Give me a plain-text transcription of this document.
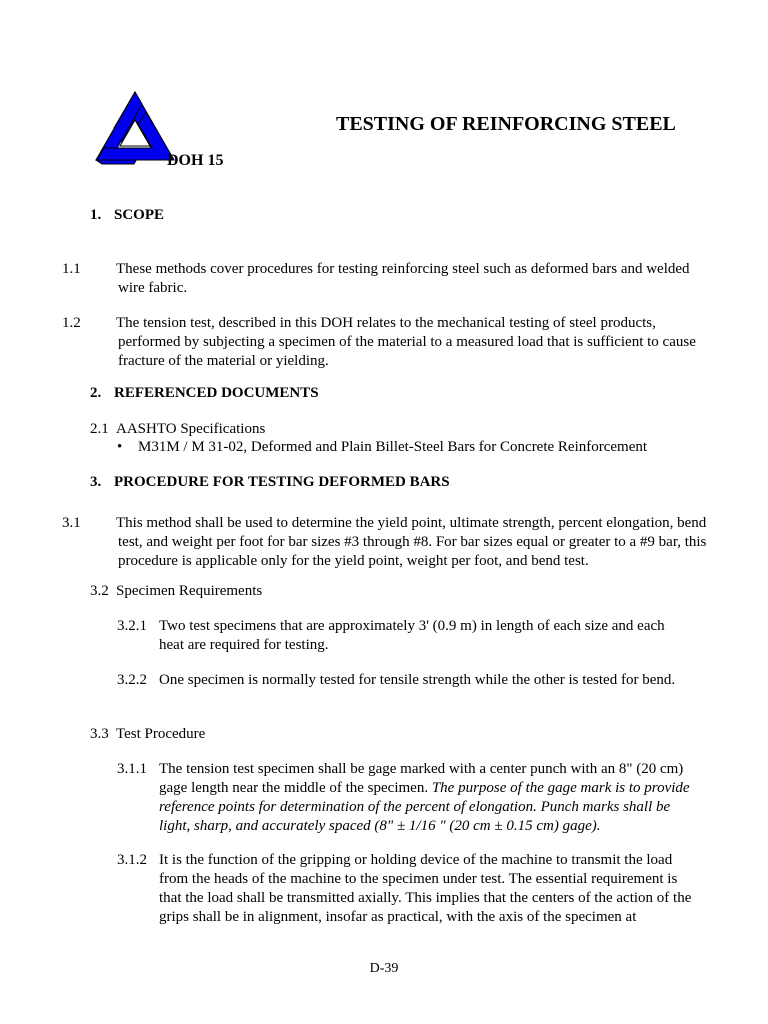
TESTING OF REINFORCING STEEL
DOH 15
1. SCOPE
1.1 These methods cover procedures for testing reinforcing steel such as deformed bars and welded wire fabric.
1.2 The tension test, described in this DOH relates to the mechanical testing of steel products, performed by subjecting a specimen of the material to a measured load that is sufficient to cause fracture of the material or yielding.
2. REFERENCED DOCUMENTS
2.1 AASHTO Specifications
• M31M / M 31-02, Deformed and Plain Billet-Steel Bars for Concrete Reinforcement
3. PROCEDURE FOR TESTING DEFORMED BARS
3.1 This method shall be used to determine the yield point, ultimate strength, percent elongation, bend test, and weight per foot for bar sizes #3 through #8. For bar sizes equal or greater to a #9 bar, this procedure is applicable only for the yield point, weight per foot, and bend test.
3.2 Specimen Requirements
3.2.1 Two test specimens that are approximately 3' (0.9 m) in length of each size and each heat are required for testing.
3.2.2 One specimen is normally tested for tensile strength while the other is tested for bend.
3.3 Test Procedure
3.1.1 The tension test specimen shall be gage marked with a center punch with an 8" (20 cm) gage length near the middle of the specimen. The purpose of the gage mark is to provide reference points for determination of the percent of elongation. Punch marks shall be light, sharp, and accurately spaced (8" ± 1/16 " (20 cm ± 0.15 cm) gage).
3.1.2 It is the function of the gripping or holding device of the machine to transmit the load from the heads of the machine to the specimen under test. The essential requirement is that the load shall be transmitted axially. This implies that the centers of the action of the grips shall be in alignment, insofar as practical, with the axis of the specimen at
D-39
